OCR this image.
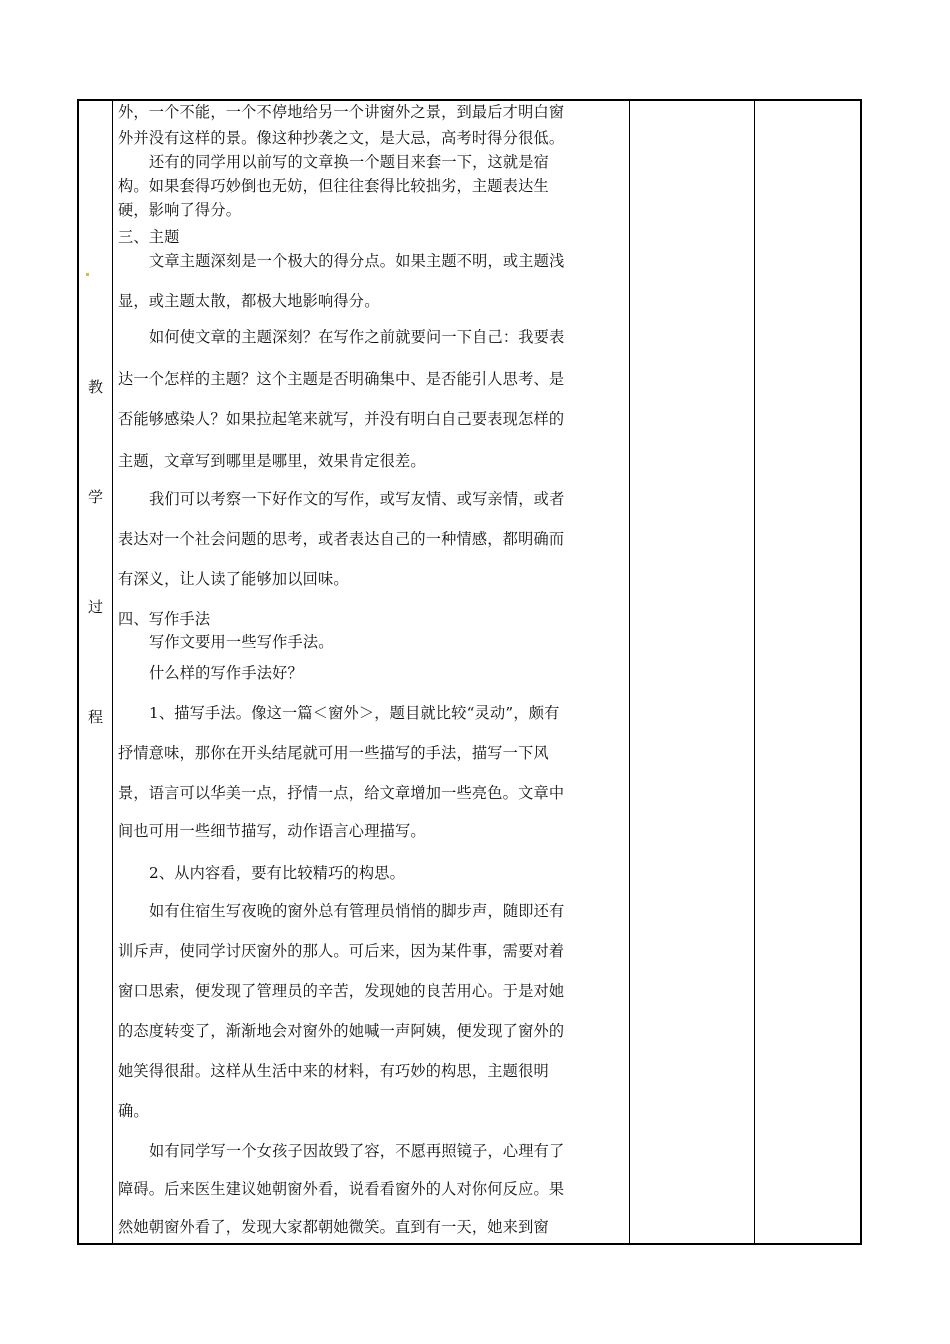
教
学
过
程
外，一个不能，一个不停地给另一个讲窗外之景，到最后才明白窗
外并没有这样的景。像这种抄袭之文，是大忌，高考时得分很低。
还有的同学用以前写的文章换一个题目来套一下，这就是宿
构。如果套得巧妙倒也无妨，但往往套得比较拙劣，主题表达生
硬，影响了得分。
三、主题
文章主题深刻是一个极大的得分点。如果主题不明，或主题浅
显，或主题太散，都极大地影响得分。
如何使文章的主题深刻？在写作之前就要问一下自己：我要表
达一个怎样的主题？这个主题是否明确集中、是否能引人思考、是
否能够感染人？如果拉起笔来就写，并没有明白自己要表现怎样的
主题，文章写到哪里是哪里，效果肯定很差。
我们可以考察一下好作文的写作，或写友情、或写亲情，或者
表达对一个社会问题的思考，或者表达自己的一种情感，都明确而
有深义，让人读了能够加以回味。
四、写作手法
写作文要用一些写作手法。
什么样的写作手法好？
1、描写手法。像这一篇＜窗外＞，题目就比较“灵动”，颇有
抒情意味，那你在开头结尾就可用一些描写的手法，描写一下风
景，语言可以华美一点，抒情一点，给文章增加一些亮色。文章中
间也可用一些细节描写，动作语言心理描写。
2、从内容看，要有比较精巧的构思。
如有住宿生写夜晚的窗外总有管理员悄悄的脚步声，随即还有
训斥声，使同学讨厌窗外的那人。可后来，因为某件事，需要对着
窗口思索，便发现了管理员的辛苦，发现她的良苦用心。于是对她
的态度转变了，渐渐地会对窗外的她喊一声阿姨，便发现了窗外的
她笑得很甜。这样从生活中来的材料，有巧妙的构思，主题很明
确。
如有同学写一个女孩子因故毁了容，不愿再照镜子，心理有了
障碍。后来医生建议她朝窗外看，说看看窗外的人对你何反应。果
然她朝窗外看了，发现大家都朝她微笑。直到有一天，她来到窗
